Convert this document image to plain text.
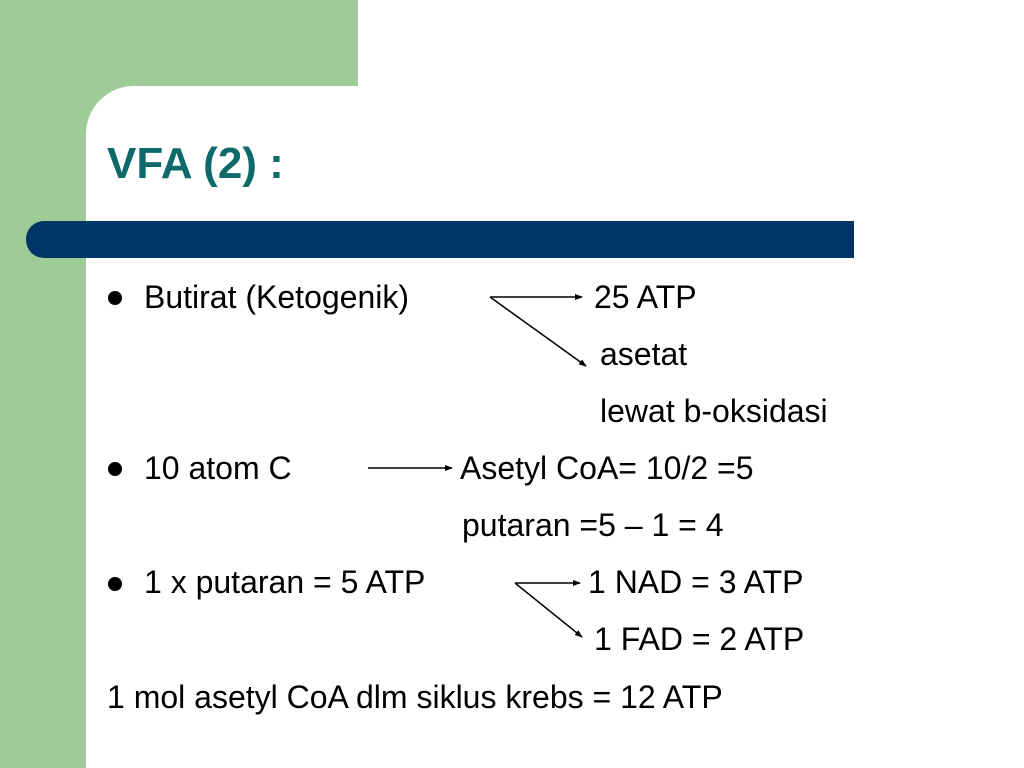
VFA (2) :

Butirat (Ketogenik)	25 ATP

asetat

lewat b-oksidasi

10 atom C	Asetyl CoA= 10/2 =5

putaran =5 – 1 = 4

1 x putaran = 5 ATP	1 NAD = 3 ATP

1 FAD = 2 ATP

1 mol asetyl CoA dlm siklus krebs = 12 ATP
